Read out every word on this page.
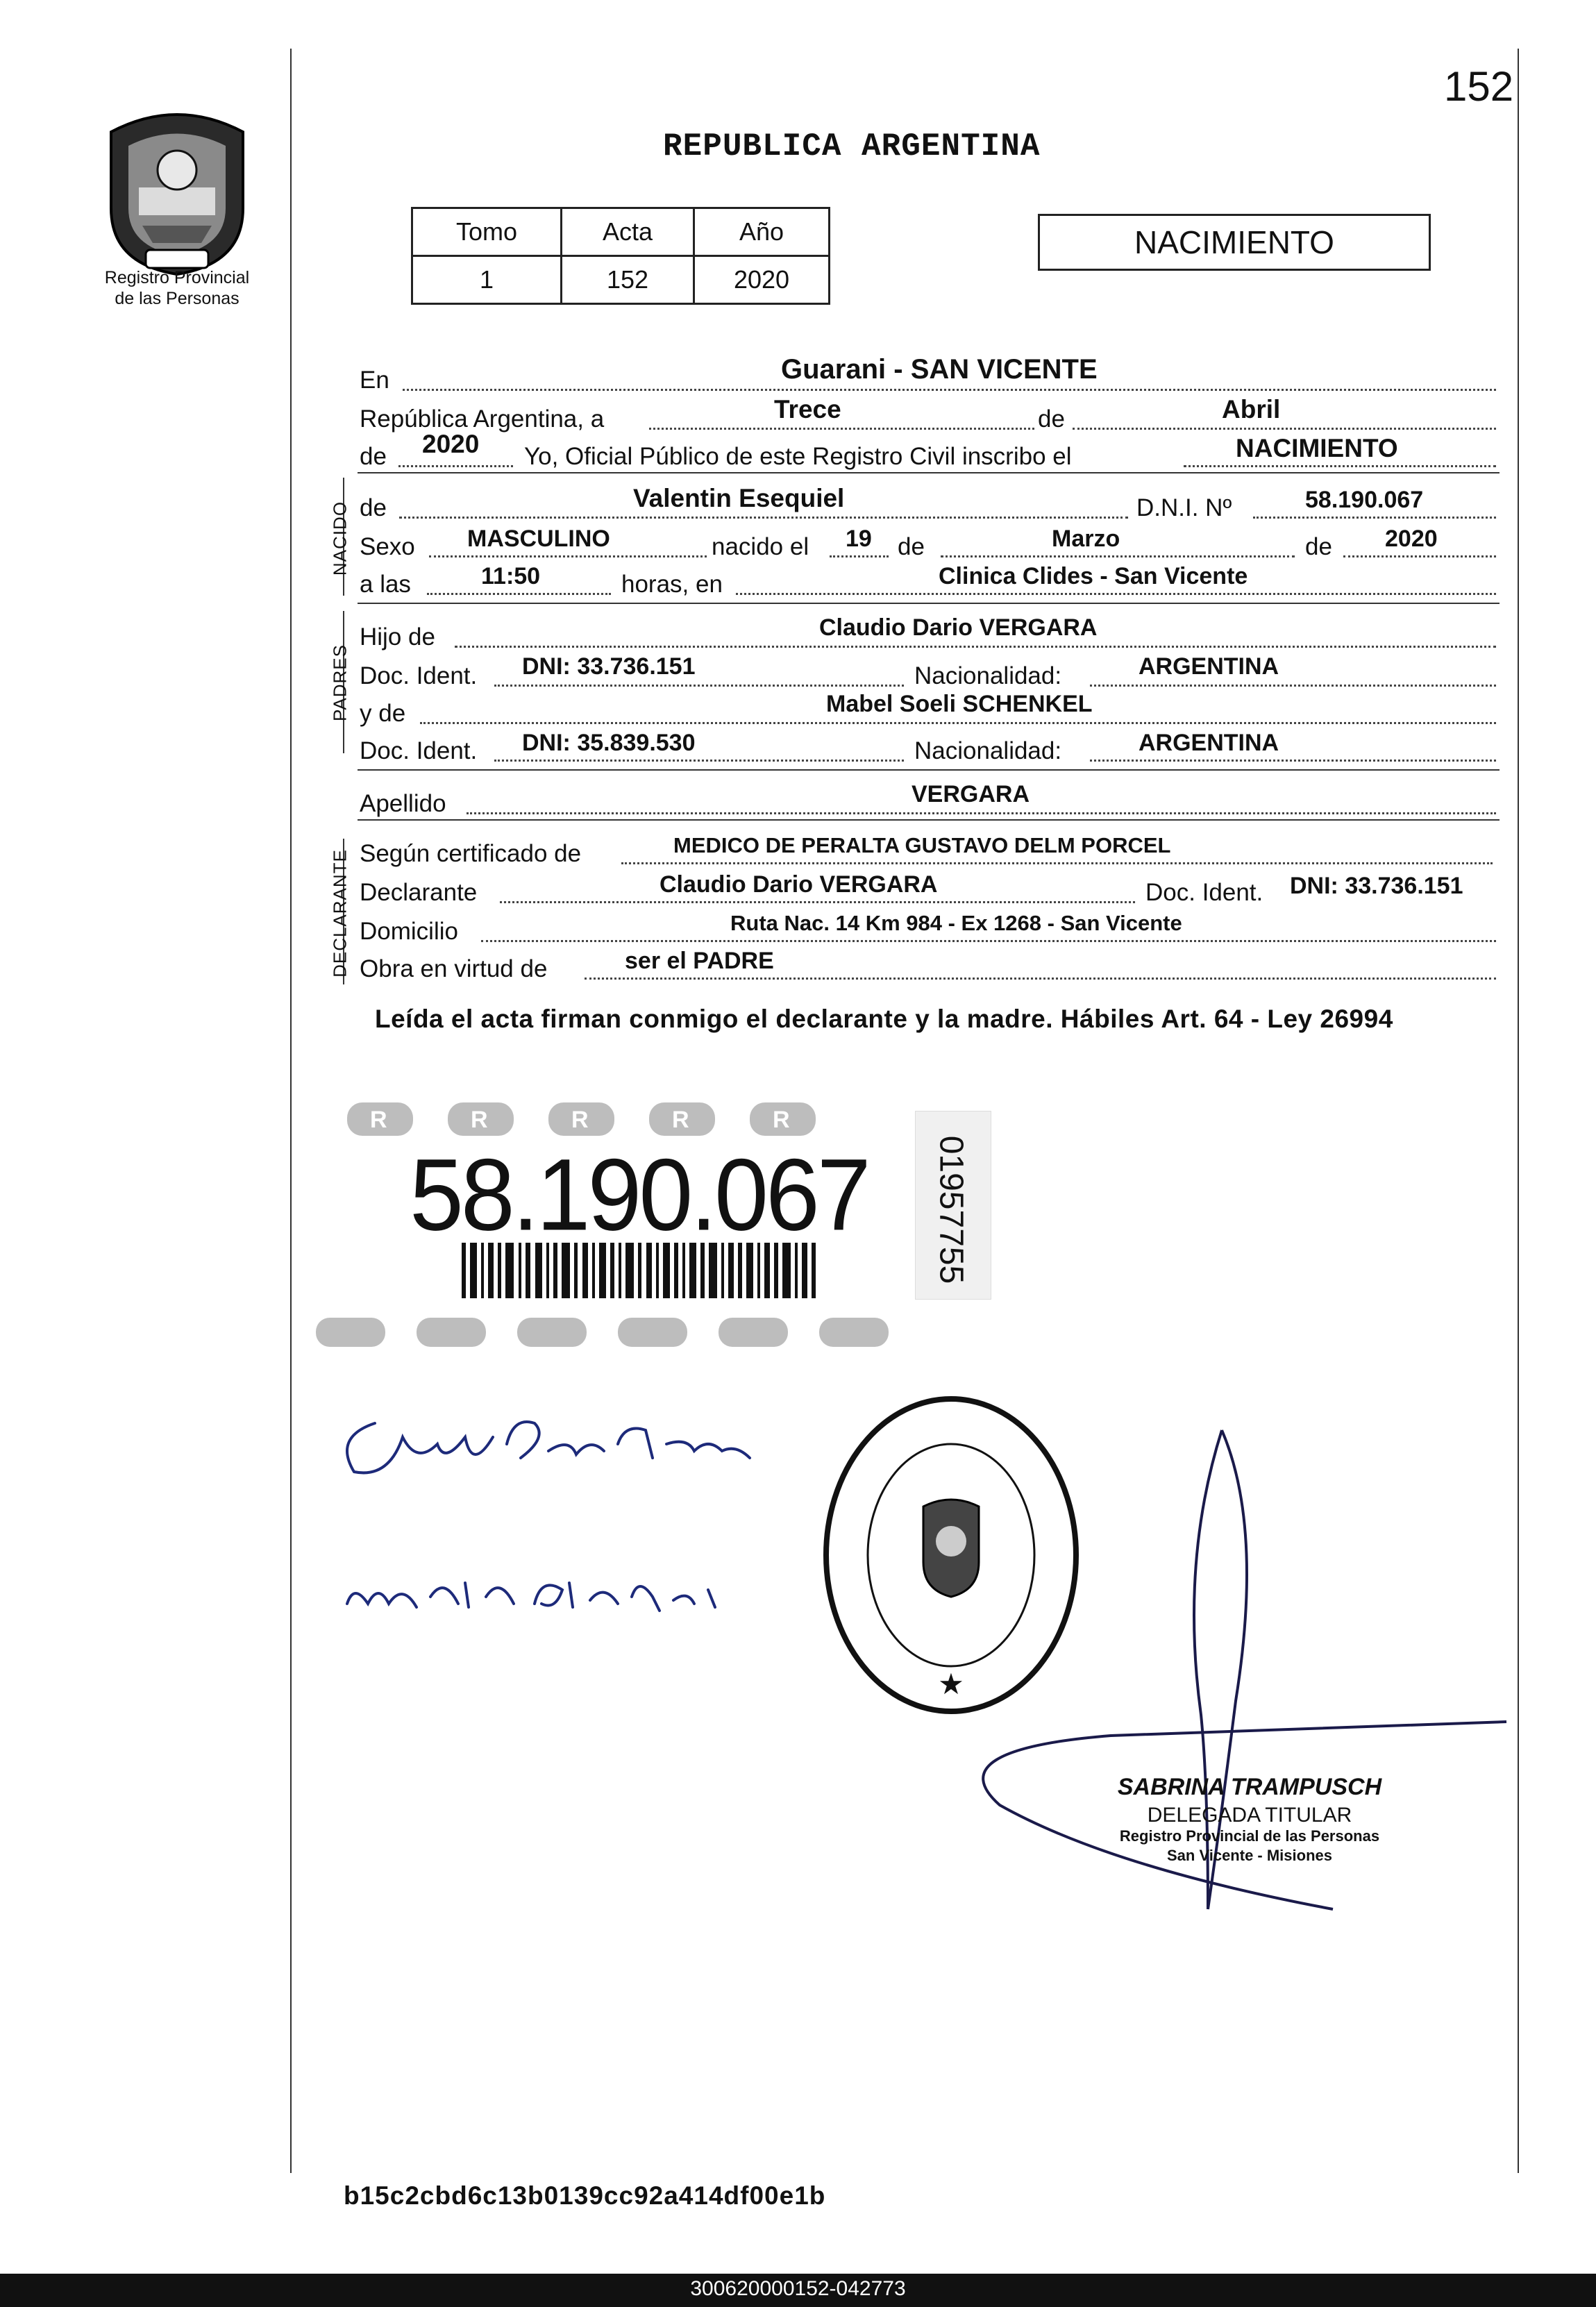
152
Registro Provincial
de las Personas
REPUBLICA ARGENTINA
Tomo	Acta	Año
1	152	2020
NACIMIENTO
En	Guarani - SAN VICENTE
República Argentina, a	Trece	de	Abril
de 2020 Yo, Oficial Público de este Registro Civil inscribo el	NACIMIENTO
NACIDO de	Valentin Esequiel	D.N.I. Nº	58.190.067
Sexo MASCULINO	nacido el 19 de	Marzo	de 2020
a las	11:50	horas, en	Clinica Clides - San Vicente
PADRES
Hijo de	Claudio Dario VERGARA
Doc. Ident. DNI: 33.736.151	Nacionalidad:	ARGENTINA
y de	Mabel Soeli SCHENKEL
Doc. Ident. DNI: 35.839.530	Nacionalidad:	ARGENTINA
Apellido	VERGARA
DECLARANTE Según certificado de	MEDICO DE PERALTA GUSTAVO DELM PORCEL
Declarante	Claudio Dario VERGARA	Doc. Ident. DNI: 33.736.151
Domicilio	Ruta Nac. 14 Km 984 - Ex 1268 - San Vicente
Obra en virtud de	ser el PADRE
Leída el acta firman conmigo el declarante y la madre. Hábiles Art. 64 - Ley 26994
R	R	R	R	R
58.190.067 01957755
★
SABRINA TRAMPUSCH
DELEGADA TITULAR
Registro Provincial de las Personas
San Vicente - Misiones
b15c2cbd6c13b0139cc92a414df00e1b
300620000152-042773
